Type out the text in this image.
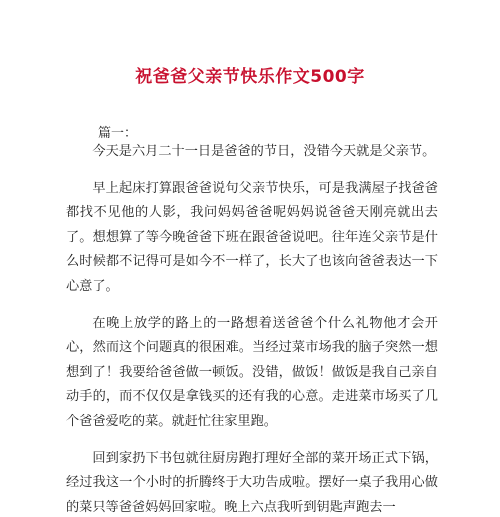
祝爸爸父亲节快乐作文500字
篇一：

今天是六月二十一日是爸爸的节日，没错今天就是父亲节。

早上起床打算跟爸爸说句父亲节快乐，可是我满屋子找爸爸都找不见他的人影，我问妈妈爸爸呢妈妈说爸爸天刚亮就出去了。想想算了等今晚爸爸下班在跟爸爸说吧。往年连父亲节是什么时候都不记得可是如今不一样了，长大了也该向爸爸表达一下心意了。

在晚上放学的路上的一路想着送爸爸个什么礼物他才会开心，然而这个问题真的很困难。当经过菜市场我的脑子突然一想想到了！我要给爸爸做一顿饭。没错，做饭！做饭是我自己亲自动手的，而不仅仅是拿钱买的还有我的心意。走进菜市场买了几个爸爸爱吃的菜。就赶忙往家里跑。

回到家扔下书包就往厨房跑打理好全部的菜开场正式下锅，经过我这一个小时的折腾终于大功告成啦。摆好一桌子我用心做的菜只等爸爸妈妈回家啦。晚上六点我听到钥匙声跑去一
